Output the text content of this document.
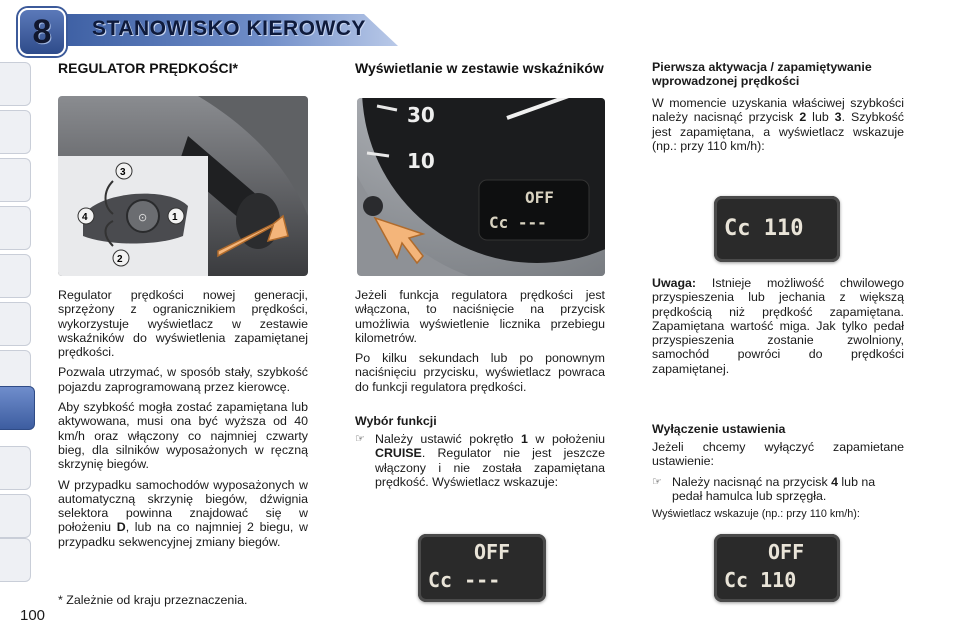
8	STANOWISKO KIEROWCY
REGULATOR PRĘDKOŚCI*
⊙ 1
2
3
4

Regulator prędkości nowej generacji, sprzężony z ogranicznikiem prędkości, wykorzystuje wyświetlacz w zestawie wskaźników do wyświetlenia zapamiętanej prędkości.

Pozwala utrzymać, w sposób stały, szybkość pojazdu zaprogramowaną przez kierowcę.

Aby szybkość mogła zostać zapamiętana lub aktywowana, musi ona być wyższa od 40 km/h oraz włączony co najmniej czwarty bieg, dla silników wyposażonych w ręczną skrzynię biegów.

W przypadku samochodów wyposażonych w automatyczną skrzynię biegów, dźwignia selektora powinna znajdować się w położeniu D, lub na co najmniej 2 biegu, w przypadku sekwencyjnej zmiany biegów.

* Zależnie od kraju przeznaczenia.
100
Wyświetlanie w zestawie wskaźników
30
10
OFF
Cc ---

Jeżeli funkcja regulatora prędkości jest włączona, to naciśnięcie na przycisk umożliwia wyświetlenie licznika przebiegu kilometrów.

Po kilku sekundach lub po ponownym naciśnięciu przycisku, wyświetlacz powraca do funkcji regulatora prędkości.

Wybór funkcji
☞ Należy ustawić pokrętło 1 w położeniu CRUISE. Regulator nie jest jeszcze włączony i nie została zapamiętana prędkość. Wyświetlacz wskazuje:
OFF
Cc ---
Pierwsza aktywacja / zapamiętywanie wprowadzonej prędkości

W momencie uzyskania właściwej szybkości należy nacisnąć przycisk 2 lub 3. Szybkość jest zapamiętana, a wyświetlacz wskazuje (np.: przy 110 km/h):

Cc 110

Uwaga: Istnieje możliwość chwilowego przyspieszenia lub jechania z większą prędkością niż prędkość zapamiętana. Zapamiętana wartość miga. Jak tylko pedał przyspieszenia zostanie zwolniony, samochód powróci do prędkości zapamiętanej.

Wyłączenie ustawienia

Jeżeli chcemy wyłączyć zapamietane ustawienie:

☞ Należy nacisnąć na przycisk 4 lub na pedał hamulca lub sprzęgła.

Wyświetlacz wskazuje (np.: przy 110 km/h):

OFF
Cc 110
